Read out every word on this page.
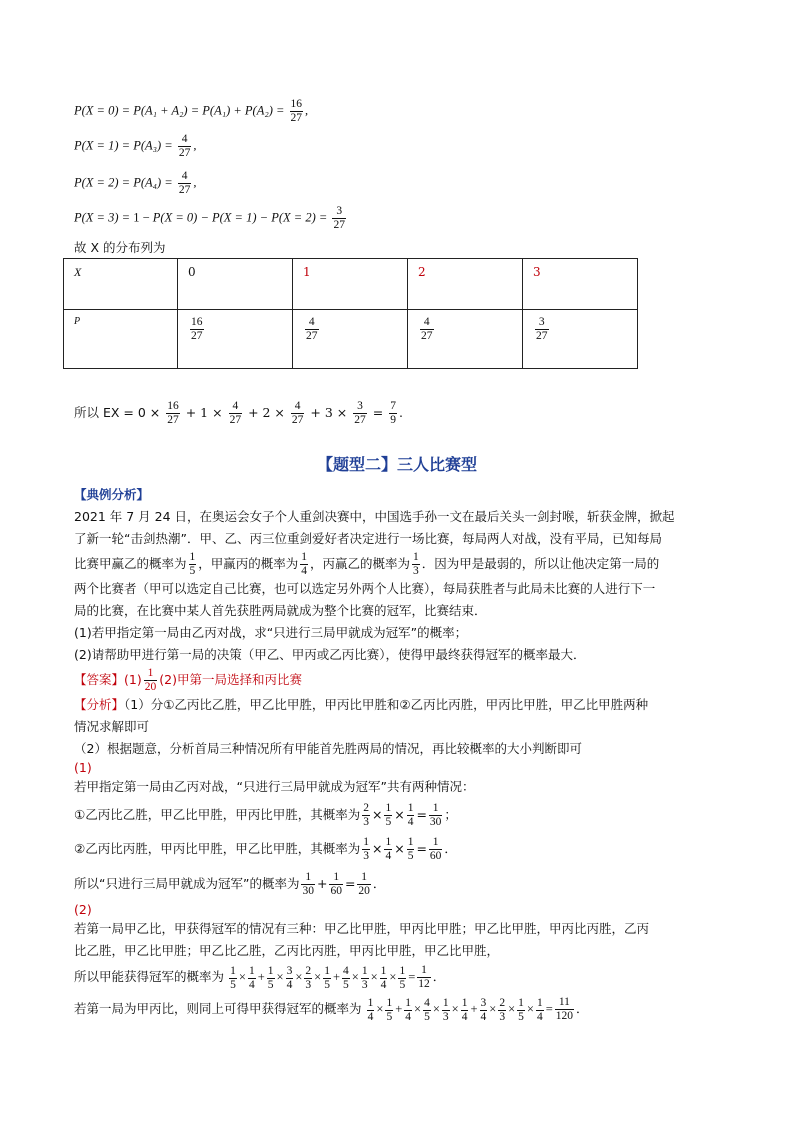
$P(X = 0) = P(A_1 + A_2) = P(A_1) + P(A_2) = \frac{16}{27}$ ,
$P(X = 1) = P(A_3) = \frac{4}{27}$ ,
$P(X = 2) = P(A_4) = \frac{4}{27}$ ,
$P(X = 3) = 1 - P(X = 0) - P(X = 1) - P(X = 2) = \frac{3}{27}$
故 X 的分布列为
X	0	1	2	3
P	$\frac{16}{27}$	$\frac{4}{27}$	$\frac{4}{27}$	$\frac{3}{27}$
所以 EX = $0 \times \frac{16}{27} + 1 \times \frac{4}{27} + 2 \times \frac{4}{27} + 3 \times \frac{3}{27} = \frac{7}{9}$ .
【题型二】三人比赛型
【典例分析】
2021 年 7 月 24 日，在奥运会女子个人重剑决赛中，中国选手孙一文在最后关头一剑封喉，斩获金牌，掀起
了新一轮“击剑热潮”．甲、乙、丙三位重剑爱好者决定进行一场比赛，每局两人对战，没有平局，已知每局
比赛甲赢乙的概率为 $\frac{1}{5}$ ，甲赢丙的概率为 $\frac{1}{4}$ ，丙赢乙的概率为 $\frac{1}{3}$ ．因为甲是最弱的，所以让他决定第一局的
两个比赛者（甲可以选定自己比赛，也可以选定另外两个人比赛），每局获胜者与此局未比赛的人进行下一
局的比赛，在比赛中某人首先获胜两局就成为整个比赛的冠军，比赛结束．
(1)若甲指定第一局由乙丙对战，求“只进行三局甲就成为冠军”的概率；
(2)请帮助甲进行第一局的决策（甲乙、甲丙或乙丙比赛），使得甲最终获得冠军的概率最大．
【答案】$(1) \frac{1}{20} (2)$甲第一局选择和丙比赛
【分析】（1）分①乙丙比乙胜，甲乙比甲胜，甲丙比甲胜和②乙丙比丙胜，甲丙比甲胜，甲乙比甲胜两种
情况求解即可
（2）根据题意，分析首局三种情况所有甲能首先胜两局的情况，再比较概率的大小判断即可
(1)
若甲指定第一局由乙丙对战，“只进行三局甲就成为冠军”共有两种情况：
①乙丙比乙胜，甲乙比甲胜，甲丙比甲胜，其概率为 $\frac{2}{3} \times \frac{1}{5} \times \frac{1}{4} = \frac{1}{30}$ ；
②乙丙比丙胜，甲丙比甲胜，甲乙比甲胜，其概率为 $\frac{1}{3} \times \frac{1}{4} \times \frac{1}{5} = \frac{1}{60}$ ．
所以“只进行三局甲就成为冠军”的概率为 $\frac{1}{30} + \frac{1}{60} = \frac{1}{20}$ ．
(2)
若第一局甲乙比，甲获得冠军的情况有三种：甲乙比甲胜，甲丙比甲胜；甲乙比甲胜，甲丙比丙胜，乙丙
比乙胜，甲乙比甲胜；甲乙比乙胜，乙丙比丙胜，甲丙比甲胜，甲乙比甲胜，
所以甲能获得冠军的概率为 $\frac{1}{5} \times \frac{1}{4} + \frac{1}{5} \times \frac{3}{4} \times \frac{2}{3} \times \frac{1}{5} + \frac{4}{5} \times \frac{1}{3} \times \frac{1}{4} \times \frac{1}{5} = \frac{1}{12}$ ．
若第一局为甲丙比，则同上可得甲获得冠军的概率为 $\frac{1}{4} \times \frac{1}{5} + \frac{1}{4} \times \frac{4}{5} \times \frac{1}{3} \times \frac{1}{4} + \frac{3}{4} \times \frac{2}{3} \times \frac{1}{5} \times \frac{1}{4} = \frac{11}{120}$ ．
